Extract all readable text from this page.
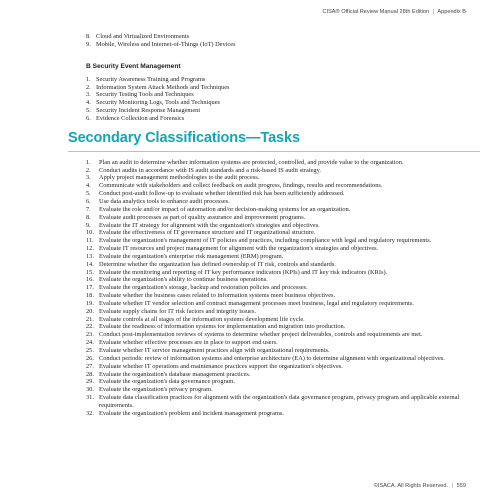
CISA® Official Review Manual 28th Edition | Appendix B
8. Cloud and Virtualized Environments
9. Mobile, Wireless and Internet-of-Things (IoT) Devices
B Security Event Management
1. Security Awareness Training and Programs
2. Information System Attack Methods and Techniques
3. Security Testing Tools and Techniques
4. Security Monitoring Logs, Tools and Techniques
5. Security Incident Response Management
6. Evidence Collection and Forensics
Secondary Classifications—Tasks
1. Plan an audit to determine whether information systems are protected, controlled, and provide value to the organization.
2. Conduct audits in accordance with IS audit standards and a risk-based IS audit strategy.
3. Apply project management methodologies to the audit process.
4. Communicate with stakeholders and collect feedback on audit progress, findings, results and recommendations.
5. Conduct post-audit follow-up to evaluate whether identified risk has been sufficiently addressed.
6. Use data analytics tools to enhance audit processes.
7. Evaluate the role and/or impact of automation and/or decision-making systems for an organization.
8. Evaluate audit processes as part of quality assurance and improvement programs.
9. Evaluate the IT strategy for alignment with the organization's strategies and objectives.
10. Evaluate the effectiveness of IT governance structure and IT organizational structure.
11. Evaluate the organization's management of IT policies and practices, including compliance with legal and regulatory requirements.
12. Evaluate IT resources and project management for alignment with the organization's strategies and objectives.
13. Evaluate the organization's enterprise risk management (ERM) program.
14. Determine whether the organization has defined ownership of IT risk, controls and standards.
15. Evaluate the monitoring and reporting of IT key performance indicators (KPIs) and IT key risk indicators (KRIs).
16. Evaluate the organization's ability to continue business operations.
17. Evaluate the organization's storage, backup and restoration policies and processes.
18. Evaluate whether the business cases related to information systems meet business objectives.
19. Evaluate whether IT vendor selection and contract management processes meet business, legal and regulatory requirements.
20. Evaluate supply chains for IT risk factors and integrity issues.
21. Evaluate controls at all stages of the information systems development life cycle.
22. Evaluate the readiness of information systems for implementation and migration into production.
23. Conduct post-implementation reviews of systems to determine whether project deliverables, controls and requirements are met.
24. Evaluate whether effective processes are in place to support end users.
25. Evaluate whether IT service management practices align with organizational requirements.
26. Conduct periodic review of information systems and enterprise architecture (EA) to determine alignment with organizational objectives.
27. Evaluate whether IT operations and maintenance practices support the organization's objectives.
28. Evaluate the organization's database management practices.
29. Evaluate the organization's data governance program.
30. Evaluate the organization's privacy program.
31. Evaluate data classification practices for alignment with the organization's data governance program, privacy program and applicable external requirements.
32. Evaluate the organization's problem and incident management programs.
©ISACA. All Rights Reserved. | 559
